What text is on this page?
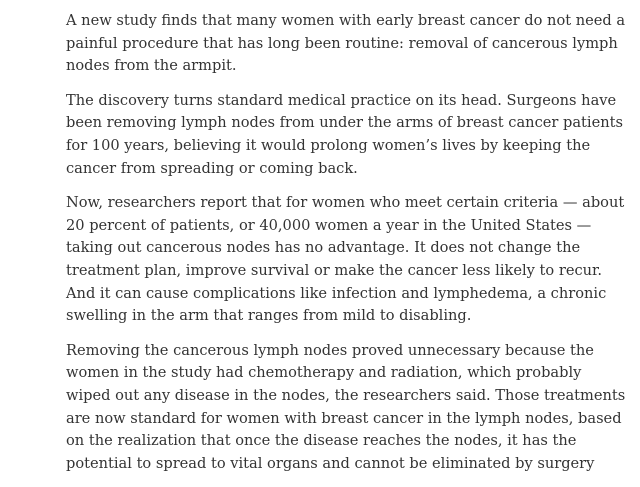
A new study finds that many women with early breast cancer do not need a
painful procedure that has long been routine: removal of cancerous lymph
nodes from the armpit.

The discovery turns standard medical practice on its head. Surgeons have
been removing lymph nodes from under the arms of breast cancer patients
for 100 years, believing it would prolong women’s lives by keeping the
cancer from spreading or coming back.

Now, researchers report that for women who meet certain criteria — about
20 percent of patients, or 40,000 women a year in the United States —
taking out cancerous nodes has no advantage. It does not change the
treatment plan, improve survival or make the cancer less likely to recur.
And it can cause complications like infection and lymphedema, a chronic
swelling in the arm that ranges from mild to disabling.

Removing the cancerous lymph nodes proved unnecessary because the
women in the study had chemotherapy and radiation, which probably
wiped out any disease in the nodes, the researchers said. Those treatments
are now standard for women with breast cancer in the lymph nodes, based
on the realization that once the disease reaches the nodes, it has the
potential to spread to vital organs and cannot be eliminated by surgery
